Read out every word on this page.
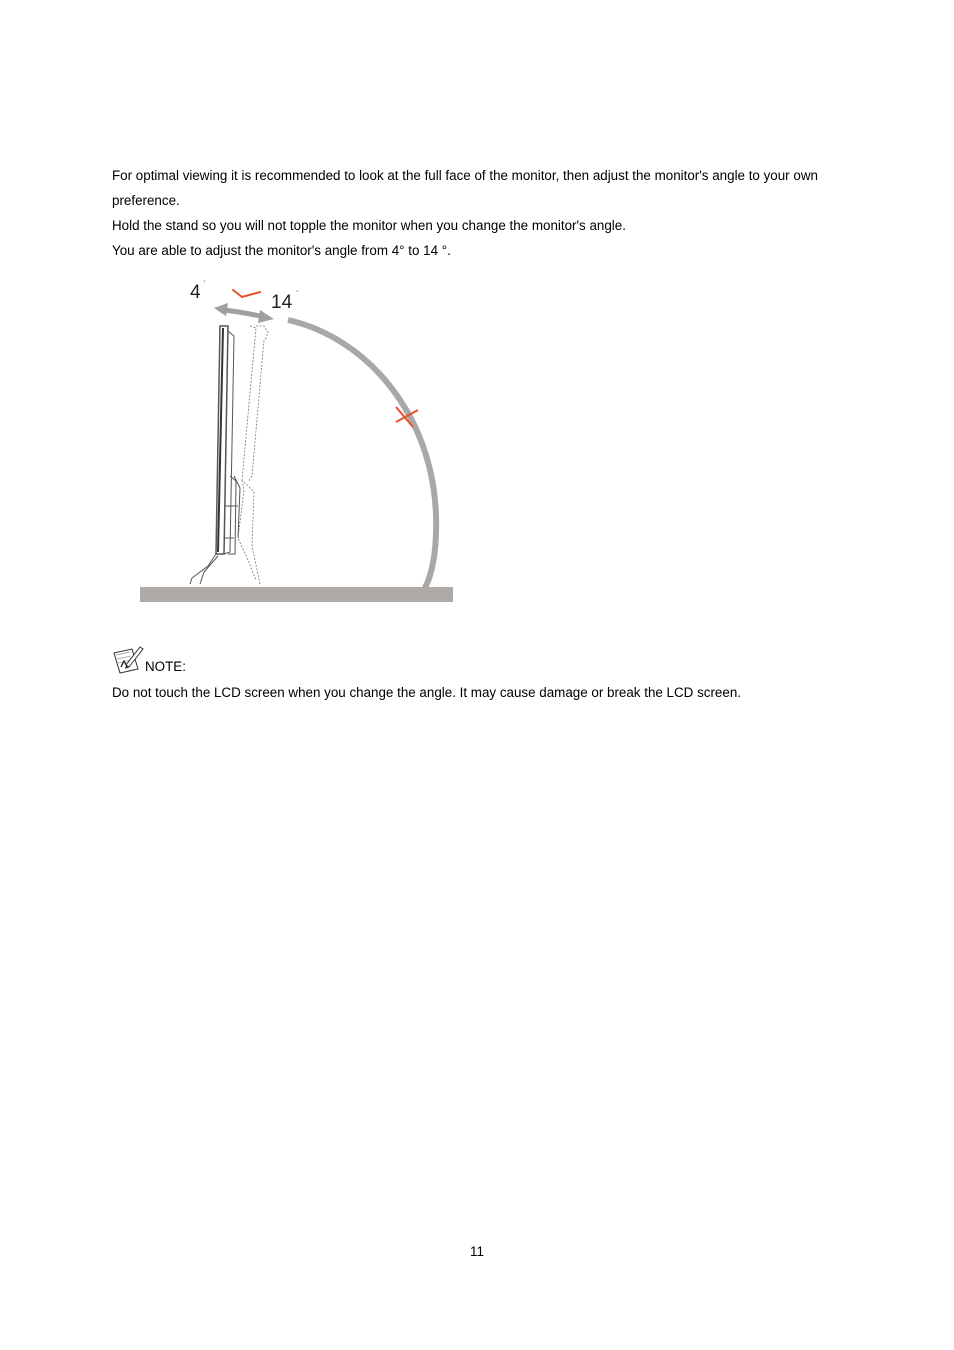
For optimal viewing it is recommended to look at the full face of the monitor, then adjust the monitor's angle to your own preference.

Hold the stand so you will not topple the monitor when you change the monitor's angle.

You are able to adjust the monitor's angle from 4° to 14 °.

4 °
14 °
NOTE:

Do not touch the LCD screen when you change the angle. It may cause damage or break the LCD screen.

11
